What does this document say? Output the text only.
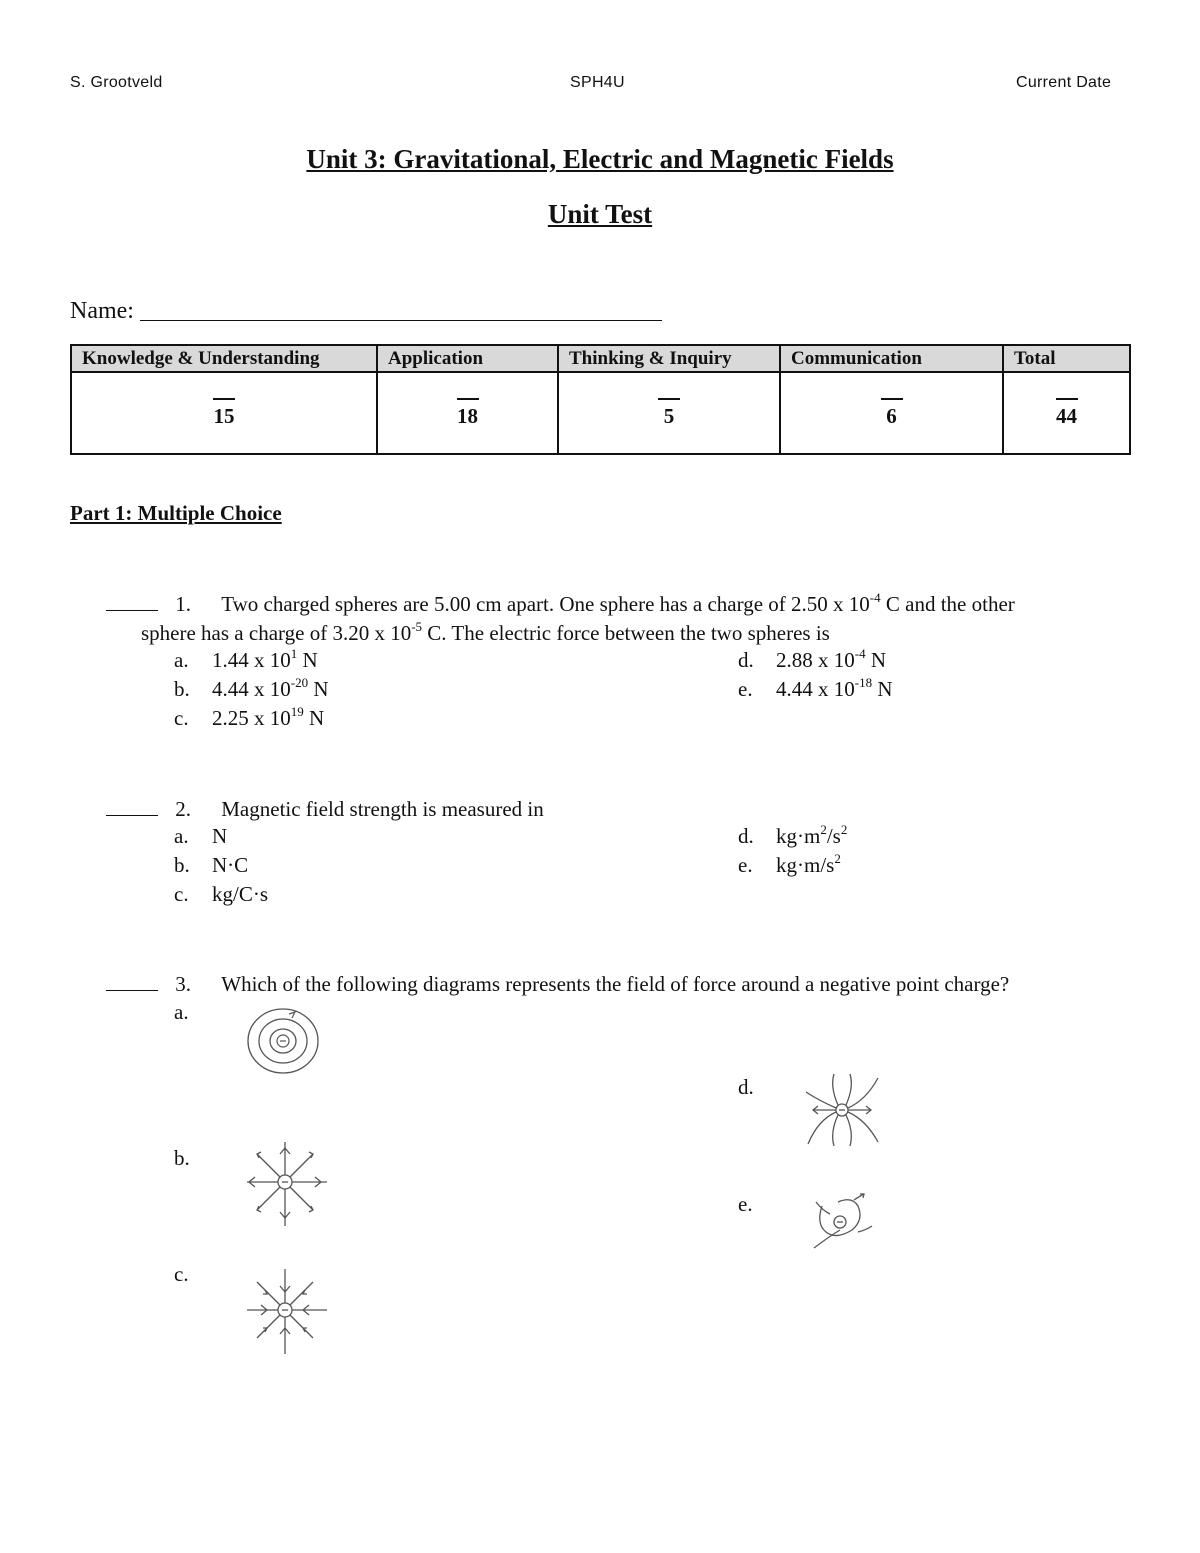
S. Grootveld	SPH4U	Current Date
Unit 3: Gravitational, Electric and Magnetic Fields
Unit Test
Name:
Knowledge & Understanding	Application	Thinking & Inquiry	Communication	Total
15	18	5	6	44
Part 1: Multiple Choice
1. Two charged spheres are 5.00 cm apart. One sphere has a charge of 2.50 x $10^{-4}$ C and the other
sphere has a charge of 3.20 x $10^{-5}$ C. The electric force between the two spheres is
a.	1.44 x $10^1$ N
b.	4.44 x $10^{-20}$ N
c.	2.25 x $10^{19}$ N
d.	2.88 x $10^{-4}$ N
e.	4.44 x $10^{-18}$ N
2. Magnetic field strength is measured in
a.	N
b.	N·C
c.	kg/C·s
d.	$kg\cdot m^2/s^2$
e.	$kg\cdot m/s^2$
3. Which of the following diagrams represents the field of force around a negative point charge?
a.
b.
c.
d.
e.
